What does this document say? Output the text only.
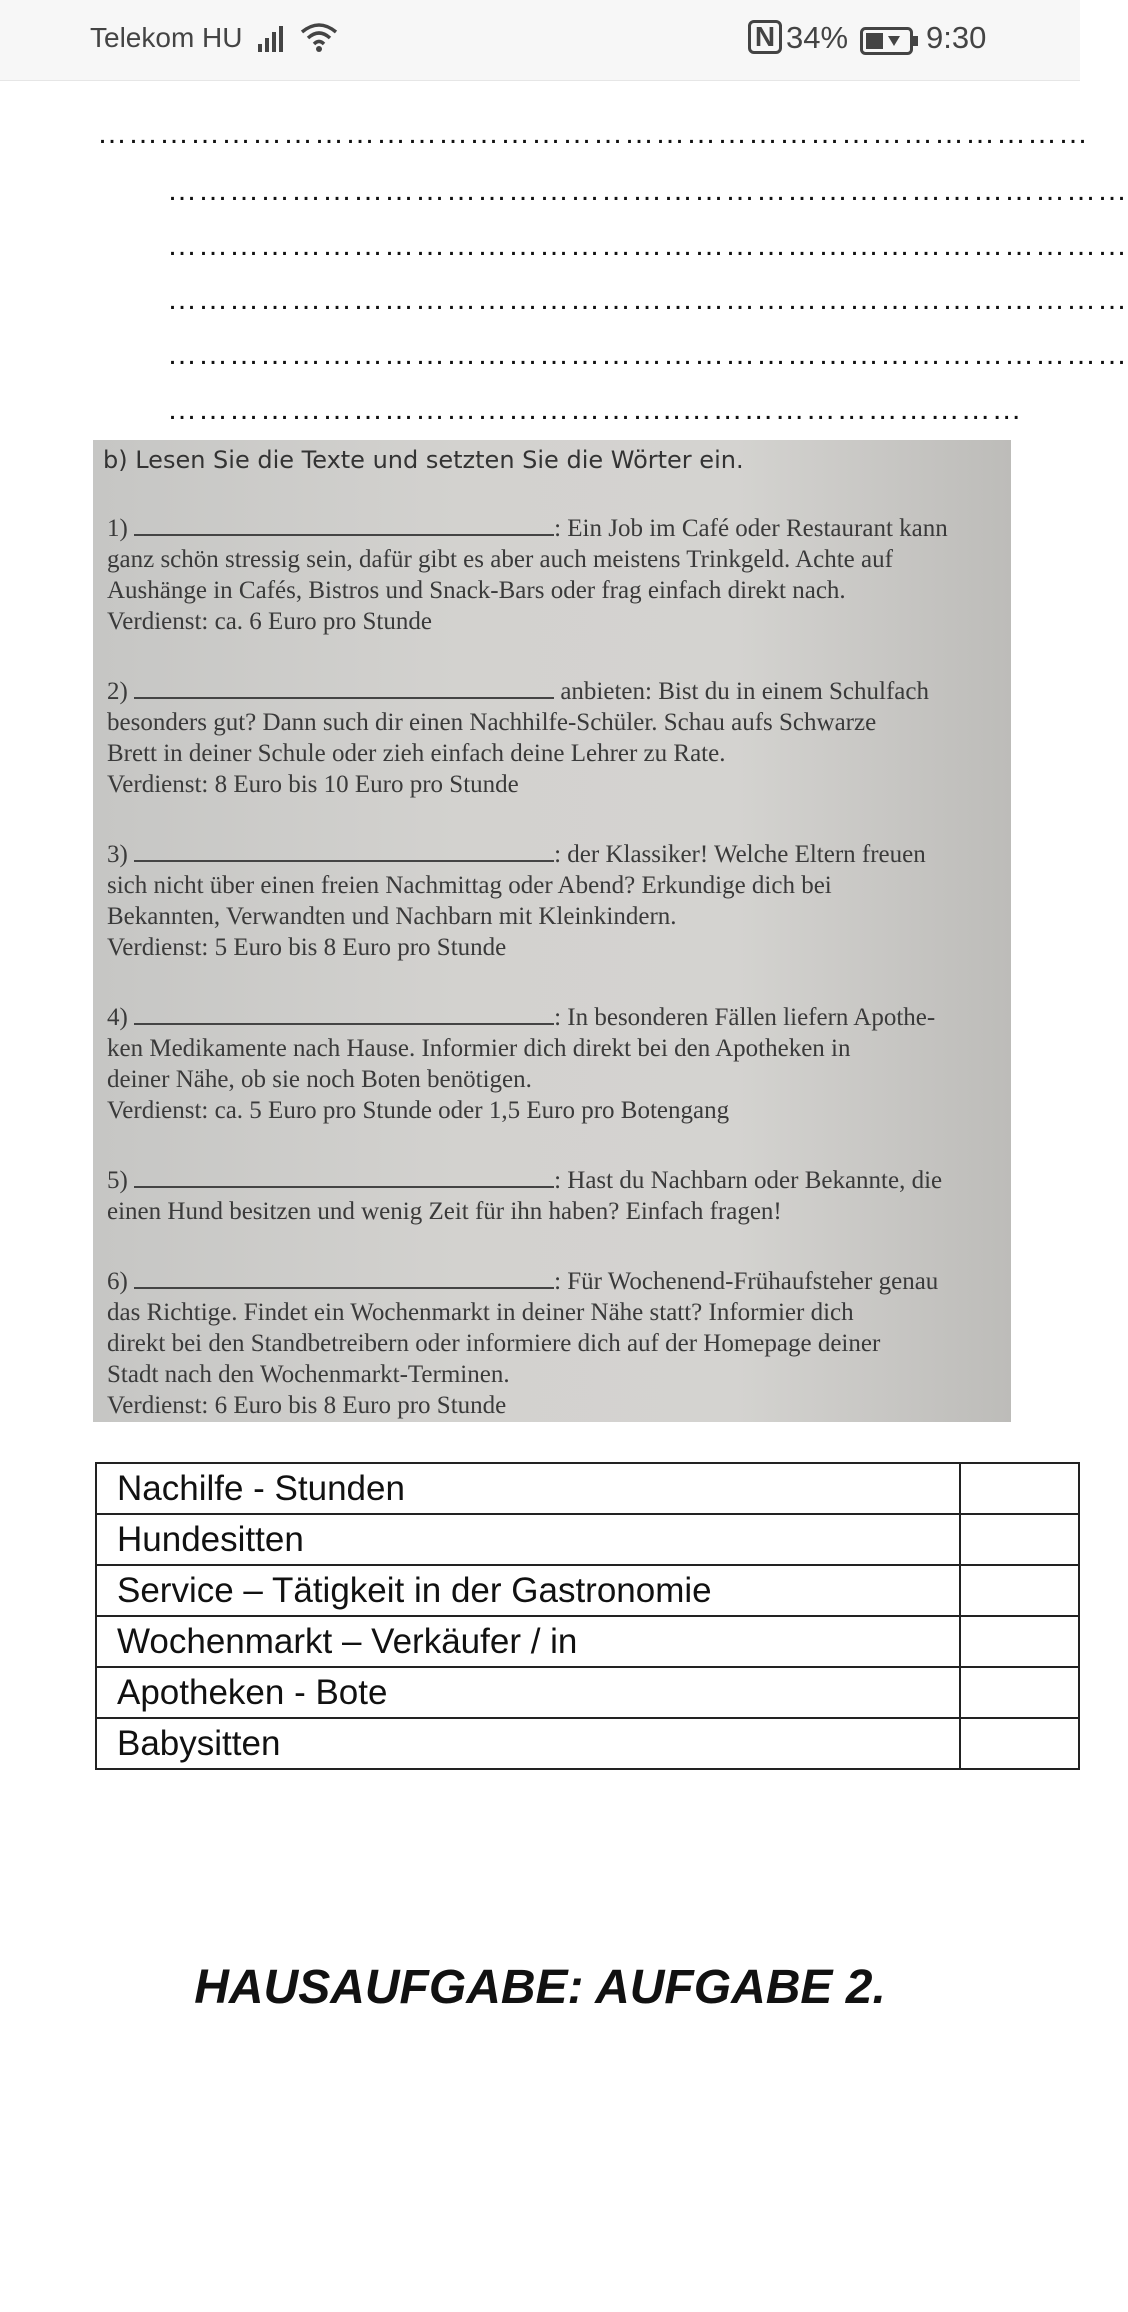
Telekom HU	N 34%	9:30
……………………………………………………………………………………
…………………………………………………………………………………
…………………………………………………………………………………
…………………………………………………………………………………
…………………………………………………………………………………
…………………………………………..……………………………
b) Lesen Sie die Texte und setzten Sie die Wörter ein.

1)	: Ein Job im Café oder Restaurant kann

ganz schön stressig sein, dafür gibt es aber auch meistens Trinkgeld. Achte auf

Aushänge in Cafés, Bistros und Snack-Bars oder frag einfach direkt nach.

Verdienst: ca. 6 Euro pro Stunde

2)	anbieten: Bist du in einem Schulfach

besonders gut? Dann such dir einen Nachhilfe-Schüler. Schau aufs Schwarze

Brett in deiner Schule oder zieh einfach deine Lehrer zu Rate.

Verdienst: 8 Euro bis 10 Euro pro Stunde

3)	: der Klassiker! Welche Eltern freuen

sich nicht über einen freien Nachmittag oder Abend? Erkundige dich bei

Bekannten, Verwandten und Nachbarn mit Kleinkindern.

Verdienst: 5 Euro bis 8 Euro pro Stunde

4)	: In besonderen Fällen liefern Apothe-

ken Medikamente nach Hause. Informier dich direkt bei den Apotheken in

deiner Nähe, ob sie noch Boten benötigen.

Verdienst: ca. 5 Euro pro Stunde oder 1,5 Euro pro Botengang

5)	: Hast du Nachbarn oder Bekannte, die

einen Hund besitzen und wenig Zeit für ihn haben? Einfach fragen!

6)	: Für Wochenend-Frühaufsteher genau

das Richtige. Findet ein Wochenmarkt in deiner Nähe statt? Informier dich

direkt bei den Standbetreibern oder informiere dich auf der Homepage deiner

Stadt nach den Wochenmarkt-Terminen.

Verdienst: 6 Euro bis 8 Euro pro Stunde

Nachilfe - Stunden	
Hundesitten	
Service – Tätigkeit in der Gastronomie	
Wochenmarkt – Verkäufer / in	
Apotheken - Bote	
Babysitten	
HAUSAUFGABE: AUFGABE 2.
